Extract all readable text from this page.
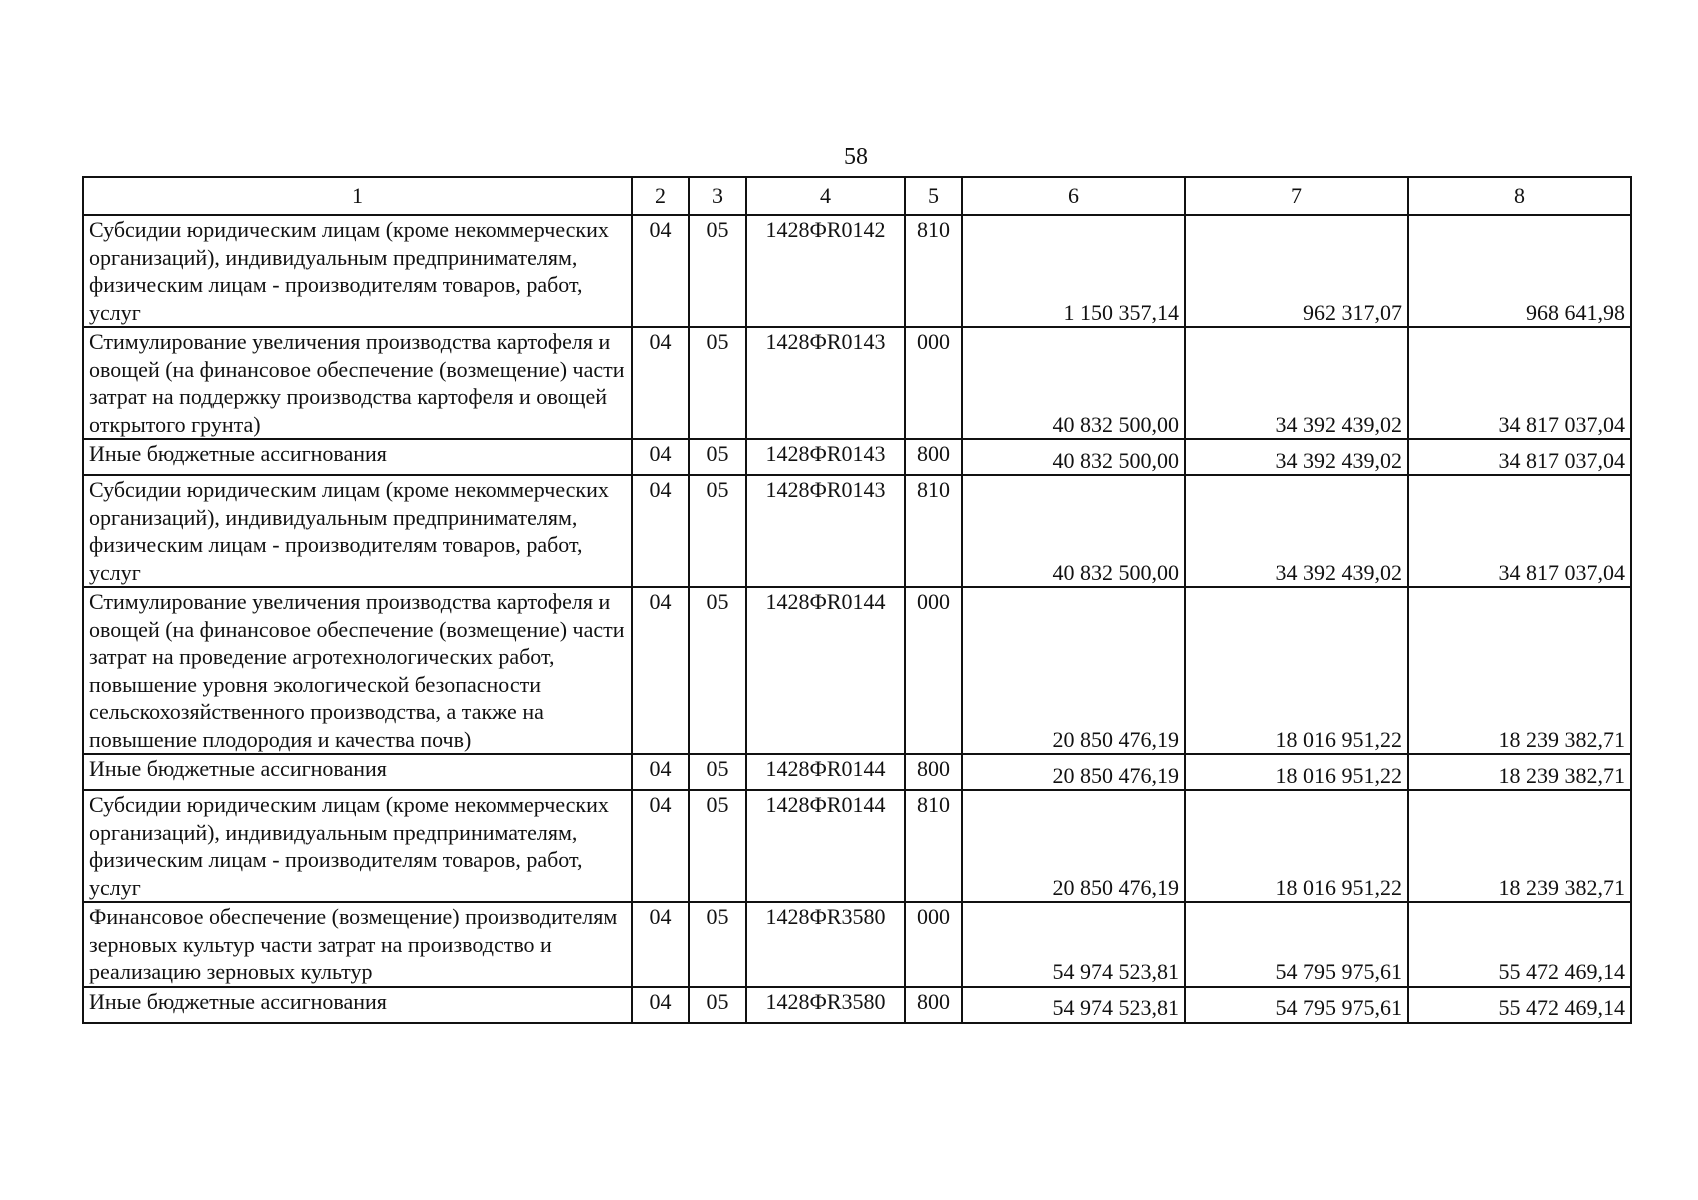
58
1	2	3	4	5	6	7	8
Субсидии юридическим лицам (кроме некоммерческих организаций), индивидуальным предпринимателям, физическим лицам - производителям товаров, работ, услуг	04	05	1428ФR0142	810	1 150 357,14	962 317,07	968 641,98
Стимулирование увеличения производства картофеля и овощей (на финансовое обеспечение (возмещение) части затрат на поддержку производства картофеля и овощей открытого грунта)	04	05	1428ФR0143	000	40 832 500,00	34 392 439,02	34 817 037,04
Иные бюджетные ассигнования	04	05	1428ФR0143	800	40 832 500,00	34 392 439,02	34 817 037,04
Субсидии юридическим лицам (кроме некоммерческих организаций), индивидуальным предпринимателям, физическим лицам - производителям товаров, работ, услуг	04	05	1428ФR0143	810	40 832 500,00	34 392 439,02	34 817 037,04
Стимулирование увеличения производства картофеля и овощей (на финансовое обеспечение (возмещение) части затрат на проведение агротехнологических работ, повышение уровня экологической безопасности сельскохозяйственного производства, а также на повышение плодородия и качества почв)	04	05	1428ФR0144	000	20 850 476,19	18 016 951,22	18 239 382,71
Иные бюджетные ассигнования	04	05	1428ФR0144	800	20 850 476,19	18 016 951,22	18 239 382,71
Субсидии юридическим лицам (кроме некоммерческих организаций), индивидуальным предпринимателям, физическим лицам - производителям товаров, работ, услуг	04	05	1428ФR0144	810	20 850 476,19	18 016 951,22	18 239 382,71
Финансовое обеспечение (возмещение) производителям зерновых культур части затрат на производство и реализацию зерновых культур	04	05	1428ФR3580	000	54 974 523,81	54 795 975,61	55 472 469,14
Иные бюджетные ассигнования	04	05	1428ФR3580	800	54 974 523,81	54 795 975,61	55 472 469,14
